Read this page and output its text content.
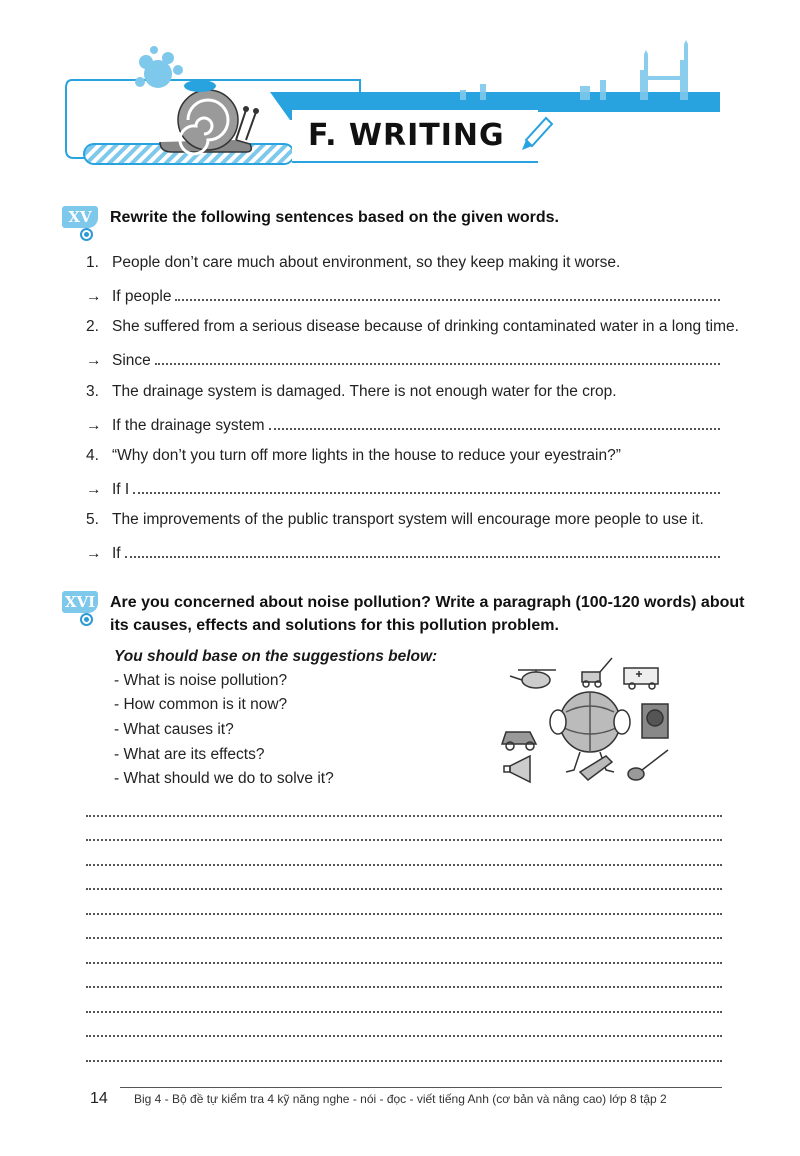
F. WRITING
XV	Rewrite the following sentences based on the given words.
1. People don’t care much about environment, so they keep making it worse.
→ If people
2. She suffered from a serious disease because of drinking contaminated water in a long time.
→ Since
3. The drainage system is damaged. There is not enough water for the crop.
→ If the drainage system
4. “Why don’t you turn off more lights in the house to reduce your eyestrain?”
→ If I
5. The improvements of the public transport system will encourage more people to use it.
→ If
XVI Are you concerned about noise pollution? Write a paragraph (100-120 words) about
its causes, effects and solutions for this pollution problem.
You should base on the suggestions below:
- What is noise pollution?
- How common is it now?
- What causes it?
- What are its effects?
- What should we do to solve it?
14 Big 4 - Bộ đề tự kiểm tra 4 kỹ năng nghe - nói - đọc - viết tiếng Anh (cơ bản và nâng cao) lớp 8 tập 2
